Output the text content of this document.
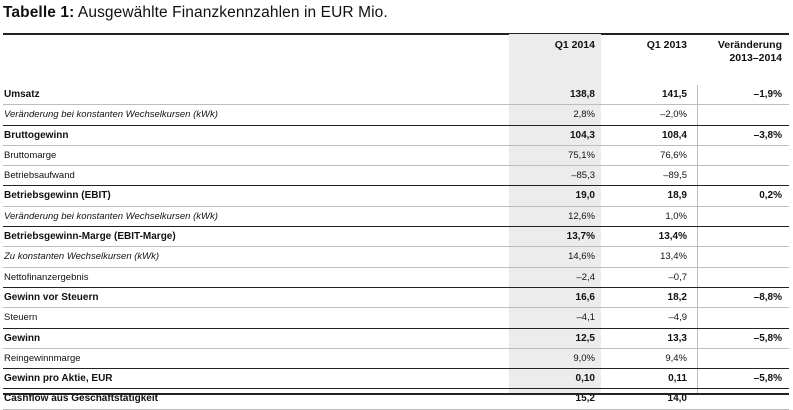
Tabelle 1: Ausgewählte Finanzkennzahlen in EUR Mio.
Q1 2014	Q1 2013	Veränderung
2013–2014
Umsatz	138,8	141,5	–1,9%
Veränderung bei konstanten Wechselkursen (kWk)	2,8%	–2,0%
Bruttogewinn	104,3	108,4	–3,8%
Bruttomarge	75,1%	76,6%
Betriebsaufwand	–85,3	–89,5
Betriebsgewinn (EBIT)	19,0	18,9	0,2%
Veränderung bei konstanten Wechselkursen (kWk)	12,6%	1,0%
Betriebsgewinn-Marge (EBIT-Marge)	13,7%	13,4%
Zu konstanten Wechselkursen (kWk)	14,6%	13,4%
Nettofinanzergebnis	–2,4	–0,7
Gewinn vor Steuern	16,6	18,2	–8,8%
Steuern	–4,1	–4,9
Gewinn	12,5	13,3	–5,8%
Reingewinnmarge	9,0%	9,4%
Gewinn pro Aktie, EUR	0,10	0,11	–5,8%
Cashflow aus Geschäftstätigkeit	15,2	14,0
